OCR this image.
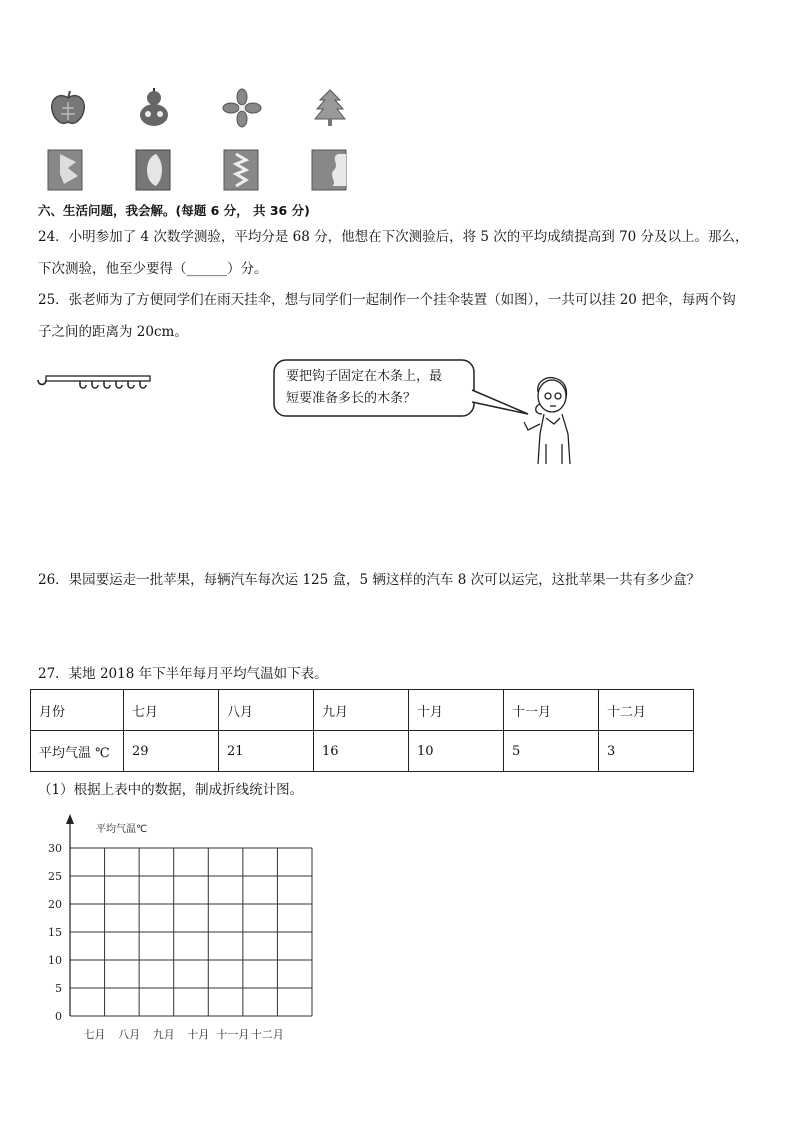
六、生活问题，我会解。(每题 6 分， 共 36 分)
24．小明参加了 4 次数学测验，平均分是 68 分，他想在下次测验后，将 5 次的平均成绩提高到 70 分及以上。那么，
下次测验，他至少要得（______）分。
25．张老师为了方便同学们在雨天挂伞，想与同学们一起制作一个挂伞装置（如图），一共可以挂 20 把伞，每两个钩
子之间的距离为 20cm。
要把钩子固定在木条上，最
短要准备多长的木条？
26．果园要运走一批苹果，每辆汽车每次运 125 盒，5 辆这样的汽车 8 次可以运完，这批苹果一共有多少盒？
27．某地 2018 年下半年每月平均气温如下表。
月份	七月	八月	九月	十月	十一月	十二月
平均气温 ℃	29	21	16	10	5	3
（1）根据上表中的数据，制成折线统计图。
平均气温℃
30
25
20
15
10
5
0
七月 八月 九月 十月 十一月 十二月
